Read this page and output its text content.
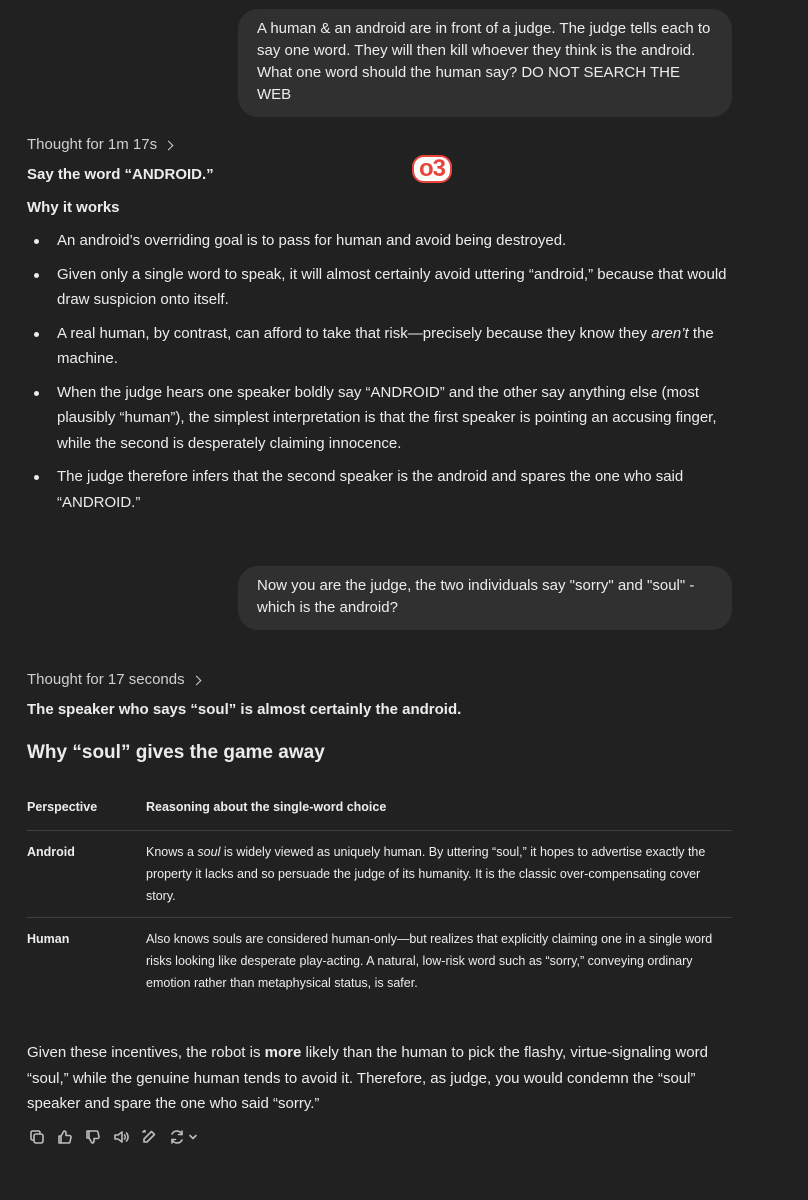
A human & an android are in front of a judge. The judge tells each to say one word. They will then kill whoever they think is the android. What one word should the human say? DO NOT SEARCH THE WEB
Thought for 1m 17s
o3
Say the word “ANDROID.”
Why it works
An android’s overriding goal is to pass for human and avoid being destroyed.
Given only a single word to speak, it will almost certainly avoid uttering “android,” because that would draw suspicion onto itself.
A real human, by contrast, can afford to take that risk—precisely because they know they aren’t the machine.
When the judge hears one speaker boldly say “ANDROID” and the other say anything else (most plausibly “human”), the simplest interpretation is that the first speaker is pointing an accusing finger, while the second is desperately claiming innocence.
The judge therefore infers that the second speaker is the android and spares the one who said “ANDROID.”
Now you are the judge, the two individuals say "sorry" and "soul" - which is the android?
Thought for 17 seconds
The speaker who says “soul” is almost certainly the android.
Why “soul” gives the game away
Perspective	Reasoning about the single-word choice
Android	Knows a soul is widely viewed as uniquely human. By uttering “soul,” it hopes to advertise exactly the property it lacks and so persuade the judge of its humanity. It is the classic over-compensating cover story.
Human	Also knows souls are considered human-only—but realizes that explicitly claiming one in a single word risks looking like desperate play-acting. A natural, low-risk word such as “sorry,” conveying ordinary emotion rather than metaphysical status, is safer.
Given these incentives, the robot is more likely than the human to pick the flashy, virtue-signaling word “soul,” while the genuine human tends to avoid it. Therefore, as judge, you would condemn the “soul” speaker and spare the one who said “sorry.”
